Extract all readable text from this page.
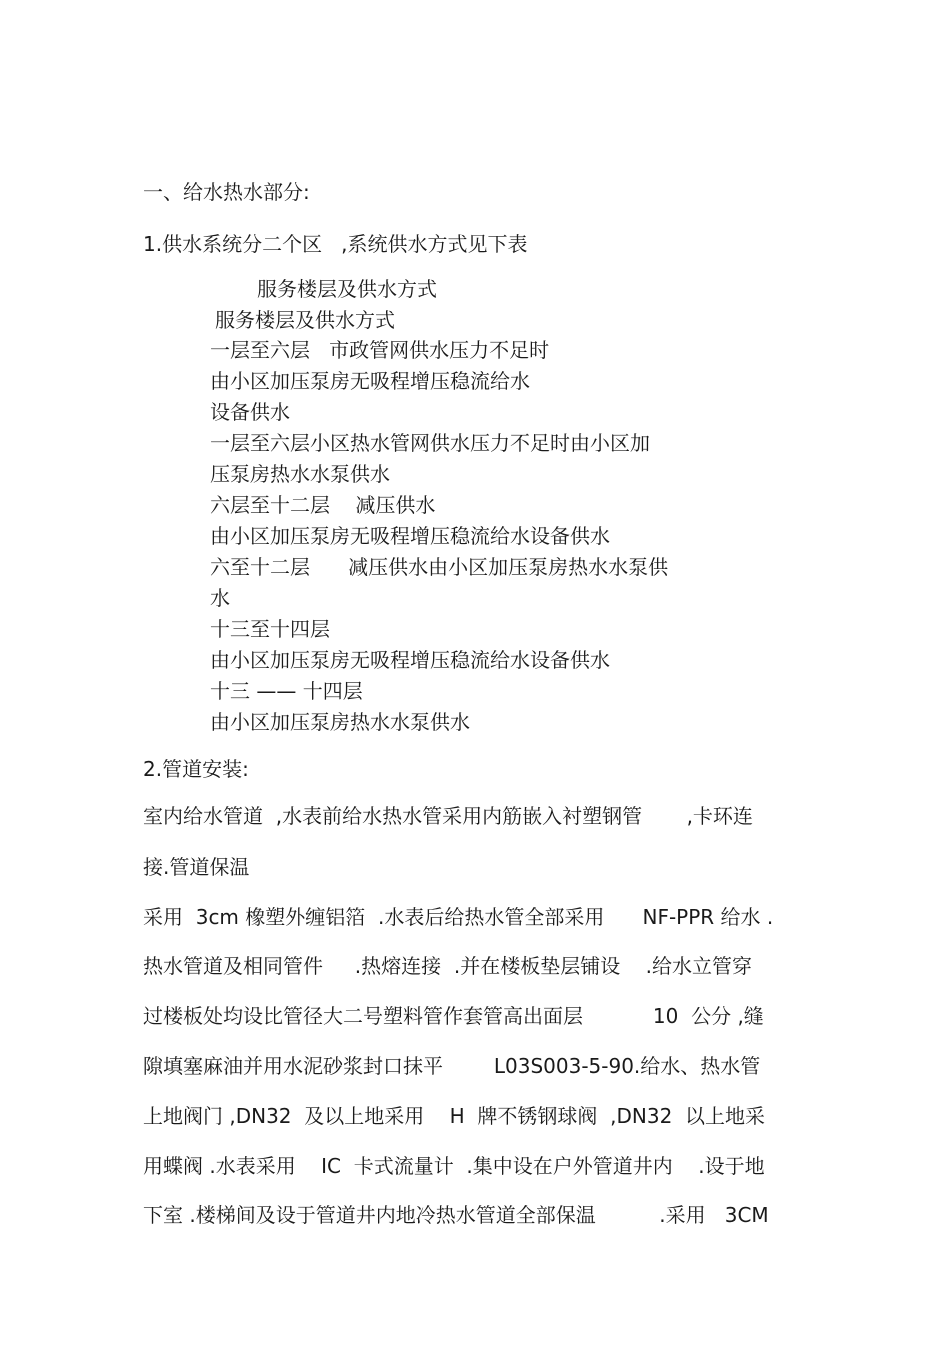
一、给水热水部分:

1.供水系统分二个区   ,系统供水方式见下表

服务楼层及供水方式

服务楼层及供水方式

一层至六层   市政管网供水压力不足时

由小区加压泵房无吸程增压稳流给水

设备供水

一层至六层小区热水管网供水压力不足时由小区加

压泵房热水水泵供水

六层至十二层    减压供水

由小区加压泵房无吸程增压稳流给水设备供水

六至十二层      减压供水由小区加压泵房热水水泵供

水

十三至十四层

由小区加压泵房无吸程增压稳流给水设备供水

十三 —— 十四层

由小区加压泵房热水水泵供水

2.管道安装:

室内给水管道  ,水表前给水热水管采用内筋嵌入衬塑钢管       ,卡环连

接.管道保温

采用  3cm 橡塑外缠铝箔  .水表后给热水管全部采用      NF-PPR 给水 .

热水管道及相同管件     .热熔连接  .并在楼板垫层铺设    .给水立管穿

过楼板处均设比管径大二号塑料管作套管高出面层           10  公分 ,缝

隙填塞麻油并用水泥砂浆封口抹平        L03S003-5-90.给水、热水管

上地阀门 ,DN32  及以上地采用    H  牌不锈钢球阀  ,DN32  以上地采

用蝶阀 .水表采用    IC  卡式流量计  .集中设在户外管道井内    .设于地

下室 .楼梯间及设于管道井内地冷热水管道全部保温          .采用   3CM
